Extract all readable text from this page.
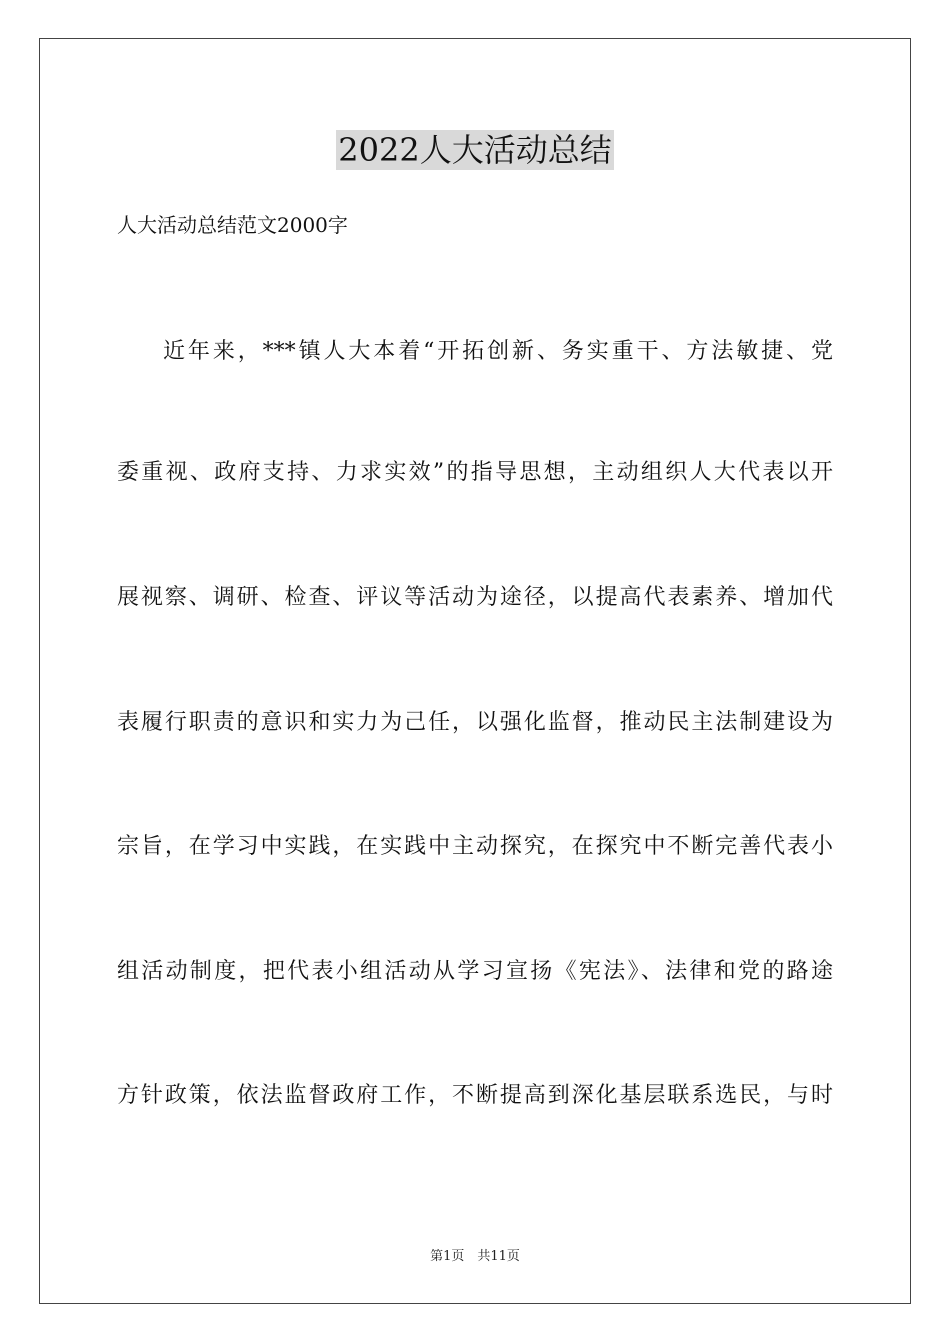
2022人大活动总结
人大活动总结范文2000字
近年来，***镇人大本着“开拓创新、务实重干、方法敏捷、党
委重视、政府支持、力求实效”的指导思想，主动组织人大代表以开
展视察、调研、检查、评议等活动为途径，以提高代表素养、增加代
表履行职责的意识和实力为己任，以强化监督，推动民主法制建设为
宗旨，在学习中实践，在实践中主动探究，在探究中不断完善代表小
组活动制度，把代表小组活动从学习宣扬《宪法》、法律和党的路途
方针政策，依法监督政府工作，不断提高到深化基层联系选民，与时
第1页　共11页
